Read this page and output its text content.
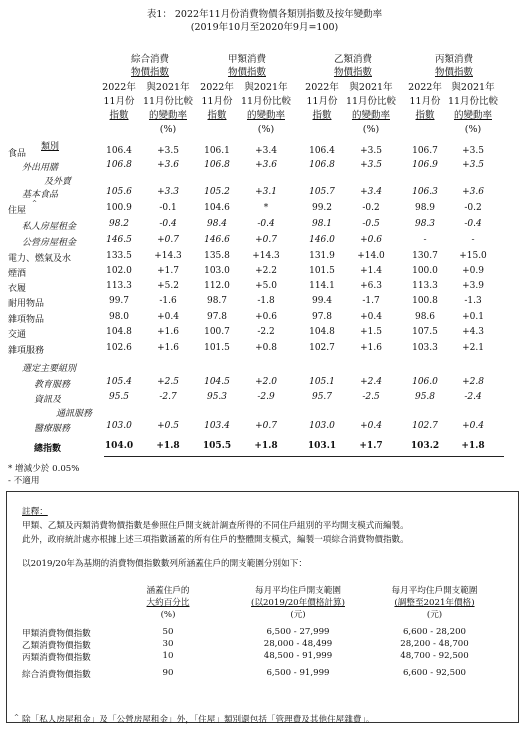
表1： 2022年11月份消費物價各類別指數及按年變動率
(2019年10月至2020年9月=100)
綜合消費
物價指數
甲類消費
物價指數
乙類消費
物價指數
丙類消費
物價指數
2022年
11月份
指數
與2021年
11月份比較
的變動率
(%)
2022年
11月份
指數
與2021年
11月份比較
的變動率
(%)
2022年
11月份
指數
與2021年
11月份比較
的變動率
(%)
2022年
11月份
指數
與2021年
11月份比較
的變動率
(%)
類別
食品	106.4	+3.5	106.1	+3.4	106.4	+3.5	106.7	+3.5
外出用膳
及外賣
106.8	+3.6	106.8	+3.6	106.8	+3.5	106.9	+3.5
基本食品	105.6	+3.3	105.2	+3.1	105.7	+3.4	106.3	+3.6
住屋
^	100.9	-0.1	104.6	*	99.2	-0.2	98.9	-0.2
私人房屋租金	98.2	-0.4	98.4	-0.4	98.1	-0.5	98.3	-0.4
公營房屋租金	146.5	+0.7	146.6	+0.7	146.0	+0.6	-	-
電力、燃氣及水	133.5	+14.3	135.8	+14.3	131.9	+14.0	130.7	+15.0
煙酒	102.0	+1.7	103.0	+2.2	101.5	+1.4	100.0	+0.9
衣履	113.3	+5.2	112.0	+5.0	114.1	+6.3	113.3	+3.9
耐用物品	99.7	-1.6	98.7	-1.8	99.4	-1.7	100.8	-1.3
雜項物品	98.0	+0.4	97.8	+0.6	97.8	+0.4	98.6	+0.1
交通	104.8	+1.6	100.7	-2.2	104.8	+1.5	107.5	+4.3
雜項服務	102.6	+1.6	101.5	+0.8	102.7	+1.6	103.3	+2.1
選定主要組別
教育服務	105.4	+2.5	104.5	+2.0	105.1	+2.4	106.0	+2.8
資訊及
通訊服務
95.5	-2.7	95.3	-2.9	95.7	-2.5	95.8	-2.4
醫療服務	103.0	+0.5	103.4	+0.7	103.0	+0.4	102.7	+0.4
總指數	104.0	+1.8	105.5	+1.8	103.1	+1.7	103.2	+1.8
* 增減少於 0.05%
- 不適用
註釋：
甲類、乙類及丙類消費物價指數是參照住戶開支統計調查所得的不同住戶組別的平均開支模式而編製。
此外，政府統計處亦根據上述三項指數涵蓋的所有住戶的整體開支模式，編製一項綜合消費物價指數。
以2019/20年為基期的消費物價指數數列所涵蓋住戶的開支範圍分別如下：
涵蓋住戶的
大約百分比
(%)
每月平均住戶開支範圍
(以2019/20年價格計算)
(元)
每月平均住戶開支範圍
(調整至2021年價格)
(元)
甲類消費物價指數	50	6,500 - 27,999	6,600 - 28,200
乙類消費物價指數	30	28,000 - 48,499	28,200 - 48,700
丙類消費物價指數	10	48,500 - 91,999	48,700 - 92,500
綜合消費物價指數	90	6,500 - 91,999	6,600 - 92,500
^ 除「私人房屋租金」及「公營房屋租金」外，「住屋」類別還包括「管理費及其他住屋雜費」。
